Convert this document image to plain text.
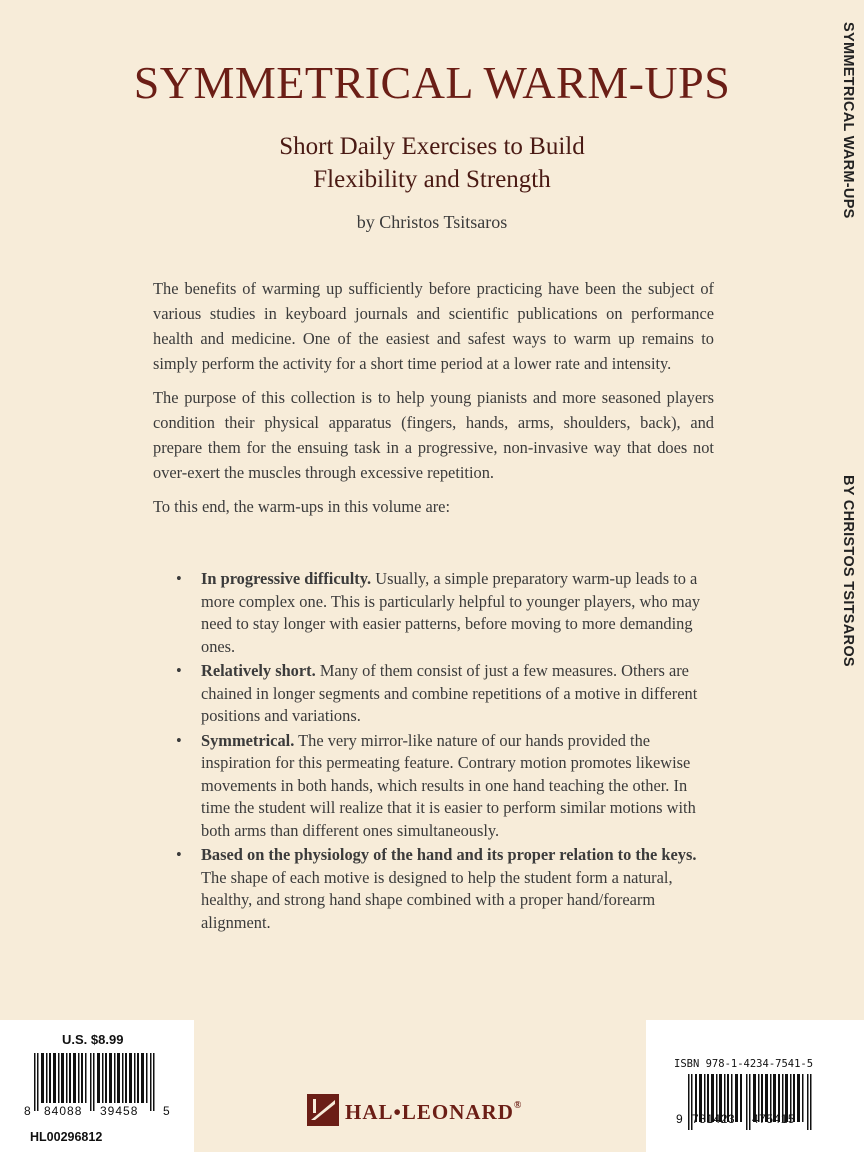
SYMMETRICAL WARM-UPS
Short Daily Exercises to Build
Flexibility and Strength
by Christos Tsitsaros

The benefits of warming up sufficiently before practicing have been the subject of various studies in keyboard journals and scientific publications on performance health and medicine. One of the easiest and safest ways to warm up remains to simply perform the activity for a short time period at a lower rate and intensity.

The purpose of this collection is to help young pianists and more seasoned players condition their physical apparatus (fingers, hands, arms, shoulders, back), and prepare them for the ensuing task in a progressive, non-invasive way that does not over-exert the muscles through excessive repetition.

To this end, the warm-ups in this volume are:

• In progressive difficulty. Usually, a simple preparatory warm-up leads to a more complex one. This is particularly helpful to younger players, who may need to stay longer with easier patterns, before moving to more demanding ones.
• Relatively short. Many of them consist of just a few measures. Others are chained in longer segments and combine repetitions of a motive in different positions and variations.
• Symmetrical. The very mirror-like nature of our hands provided the inspiration for this permeating feature. Contrary motion promotes likewise movements in both hands, which results in one hand teaching the other. In time the student will realize that it is easier to perform similar motions with both arms than different ones simultaneously.
• Based on the physiology of the hand and its proper relation to the keys. The shape of each motive is designed to help the student form a natural, healthy, and strong hand shape combined with a proper hand/forearm alignment.
SYMMETRICAL WARM-UPS
BY CHRISTOS TSITSAROS
U.S. $8.99
8 84088 39458 5
HL00296812
HAL•LEONARD®
ISBN 978-1-4234-7541-5
9 781423 475415
